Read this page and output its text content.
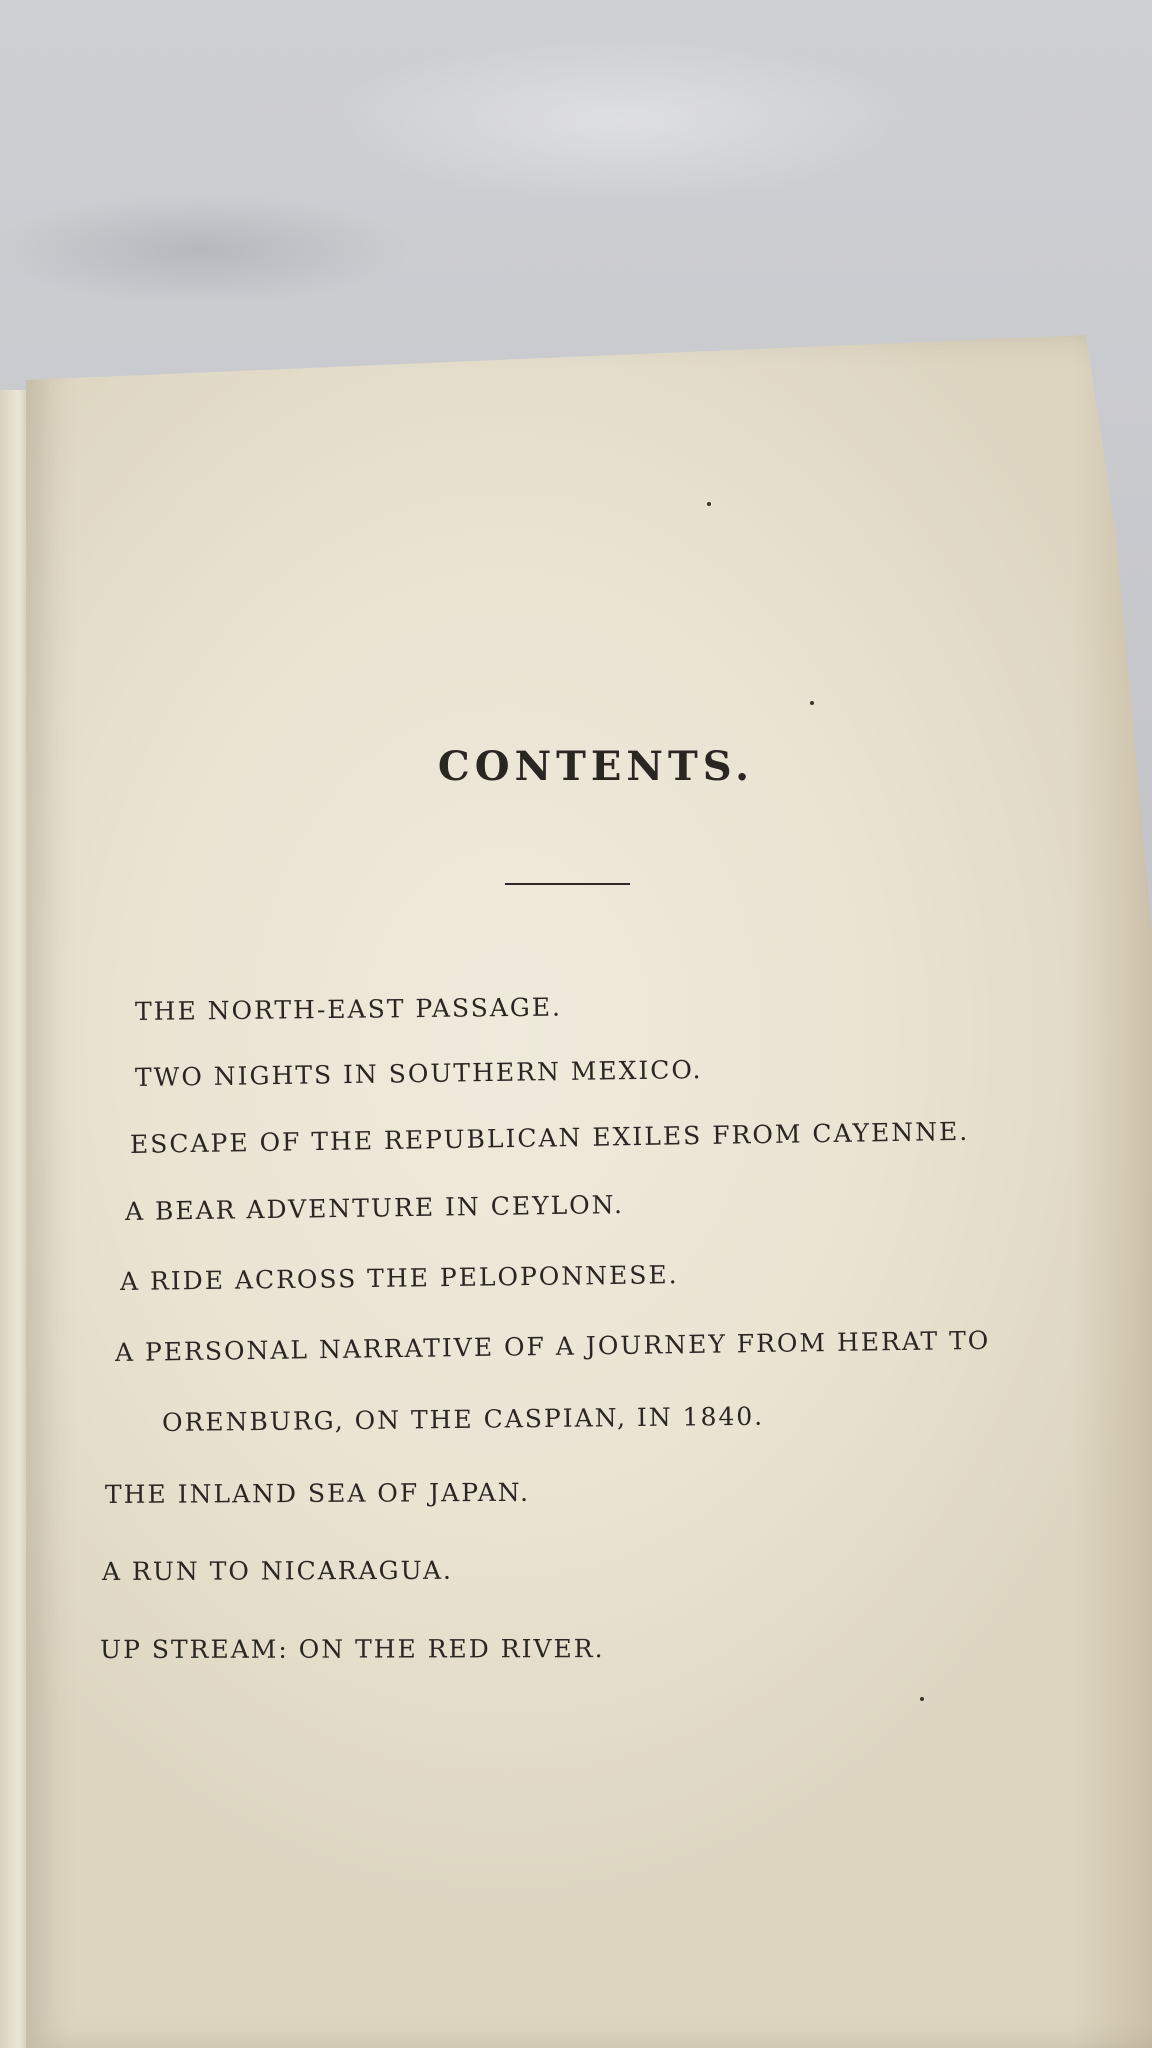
CONTENTS.
THE NORTH-EAST PASSAGE.
TWO NIGHTS IN SOUTHERN MEXICO.
ESCAPE OF THE REPUBLICAN EXILES FROM CAYENNE.
A BEAR ADVENTURE IN CEYLON.
A RIDE ACROSS THE PELOPONNESE.
A PERSONAL NARRATIVE OF A JOURNEY FROM HERAT TO
ORENBURG, ON THE CASPIAN, IN 1840.
THE INLAND SEA OF JAPAN.
A RUN TO NICARAGUA.
UP STREAM: ON THE RED RIVER.
